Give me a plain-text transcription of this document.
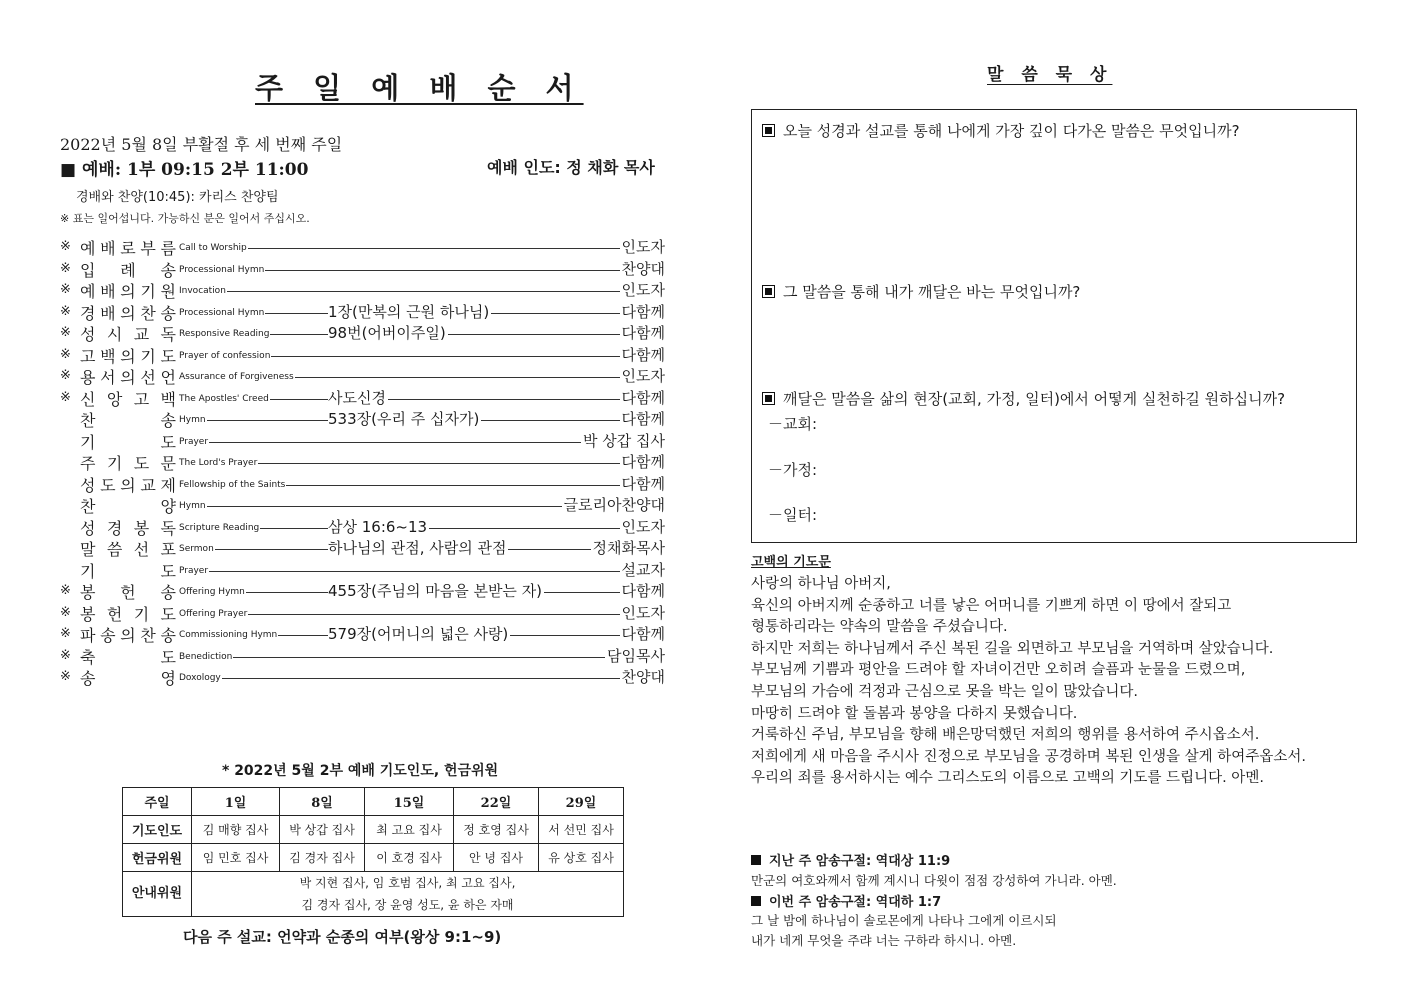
주 일 예 배 순 서
2022년 5월 8일 부활절 후 세 번째 주일
■ 예배: 1부 09:15 2부 11:00	예배 인도: 정 채화 목사
경배와 찬양(10:45): 카리스 찬양팀
※ 표는 일어섭니다. 가능하신 분은 일어서 주십시오.
※ 예 배 로 부 름 Call to Worship	인도자
※ 입 례 송 Processional Hymn	찬양대
※ 예 배 의 기 원 Invocation	인도자
※ 경 배 의 찬 송 Processional Hymn	1장(만복의 근원 하나님)	다함께
※ 성 시 교 독 Responsive Reading	98번(어버이주일)	다함께
※ 고 백 의 기 도 Prayer of confession	다함께
※ 용 서 의 선 언 Assurance of Forgiveness	인도자
※ 신 앙 고 백 The Apostles' Creed	사도신경	다함께
찬	송 Hymn	533장(우리 주 십자가)	다함께
기	도 Prayer	박 상갑 집사
주 기 도 문 The Lord's Prayer	다함께
성 도 의 교 제 Fellowship of the Saints	다함께
찬	양 Hymn	글로리아찬양대
성 경 봉 독 Scripture Reading	삼상 16:6~13	인도자
말 씀 선 포 Sermon	하나님의 관점, 사람의 관점	정채화목사
기	도 Prayer	설교자
※ 봉 헌 송 Offering Hymn	455장(주님의 마음을 본받는 자)	다함께
※ 봉 헌 기 도 Offering Prayer	인도자
※ 파 송 의 찬 송 Commissioning Hymn	579장(어머니의 넓은 사랑)	다함께
※ 축	도 Benediction	담임목사
※ 송	영 Doxology	찬양대
* 2022년 5월 2부 예배 기도인도, 헌금위원
주일	1일	8일	15일	22일	29일
기도인도	김 매향 집사	박 상갑 집사	최 고요 집사	정 호영 집사	서 선민 집사
헌금위원	임 민호 집사	김 경자 집사	이 호경 집사	안 녕 집사	유 상호 집사
안내위원	박 지현 집사, 임 호범 집사, 최 고요 집사,
김 경자 집사, 장 윤영 성도, 윤 하은 자매				
다음 주 설교: 언약과 순종의 여부(왕상 9:1~9)
말 씀 묵 상
오늘 성경과 설교를 통해 나에게 가장 깊이 다가온 말씀은 무엇입니까?
그 말씀을 통해 내가 깨달은 바는 무엇입니까?
깨달은 말씀을 삶의 현장(교회, 가정, 일터)에서 어떻게 실천하길 원하십니까?
－교회:
－가정:
－일터:
고백의 기도문
사랑의 하나님 아버지,
육신의 아버지께 순종하고 너를 낳은 어머니를 기쁘게 하면 이 땅에서 잘되고
형통하리라는 약속의 말씀을 주셨습니다.
하지만 저희는 하나님께서 주신 복된 길을 외면하고 부모님을 거역하며 살았습니다.
부모님께 기쁨과 평안을 드려야 할 자녀이건만 오히려 슬픔과 눈물을 드렸으며,
부모님의 가슴에 걱정과 근심으로 못을 박는 일이 많았습니다.
마땅히 드려야 할 돌봄과 봉양을 다하지 못했습니다.
거룩하신 주님, 부모님을 향해 배은망덕했던 저희의 행위를 용서하여 주시옵소서.
저희에게 새 마음을 주시사 진정으로 부모님을 공경하며 복된 인생을 살게 하여주옵소서.
우리의 죄를 용서하시는 예수 그리스도의 이름으로 고백의 기도를 드립니다. 아멘.
지난 주 암송구절: 역대상 11:9
만군의 여호와께서 함께 계시니 다윗이 점점 강성하여 가니라. 아멘.
이번 주 암송구절: 역대하 1:7
그 날 밤에 하나님이 솔로몬에게 나타나 그에게 이르시되
내가 네게 무엇을 주랴 너는 구하라 하시니. 아멘.
